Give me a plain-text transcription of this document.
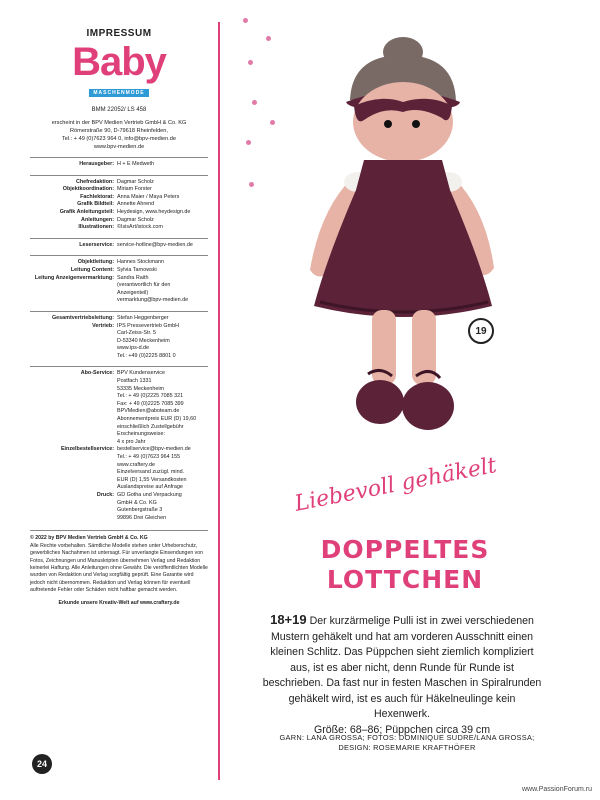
IMPRESSUM
Baby
MASCHENMODE
BMM 22052/ LS 458
erscheint in der BPV Medien Vertrieb GmbH & Co. KG
Römerstraße 90, D-79618 Rheinfelden,
Tel.: + 49 (0)7623 964 0, info@bpv-medien.de
www.bpv-medien.de
Herausgeber: H + E Medweth
Chefredaktion: Dagmar Scholz
Objektkoordination: Miriam Forster
Fachlektorat: Anna Maier / Maya Peters
Grafik Bildteil: Annette Ahrend
Grafik Anleitungsteil: Heydesign, www.heydesign.de
Anleitungen: Dagmar Scholz
Illustrationen: ©IsisArt/istock.com
Leserservice: service-hotline@bpv-medien.de
Objektleitung: Hannes Stockmann
Leitung Content: Sylvia Tarnowski
Leitung Anzeigenvermarktung: Sandra Raith
(verantwortlich für den
Anzeigenteil)
vermarktung@bpv-medien.de
Gesamtvertriebsleitung: Stefan Heggenberger
Vertrieb: IPS Pressevertrieb GmbH
Carl-Zeiss-Str. 5
D-53340 Meckenheim
www.ips-d.de
Tel.: +49 (0)2225 8801 0
Abo-Service: BPV Kundenservice
Postfach 1331
53335 Meckenheim
Tel.: + 49 (0)2225 7085 321
Fax: + 49 (0)2225 7085 399
BPVMedien@aboteam.de
Abonnementpreis EUR (D) 19,60
einschließlich Zustellgebühr
Erscheinungsweise:
4 x pro Jahr
Einzelbestellservice: bestellservice@bpv-medien.de
Tel.: + 49 (0)7623 964 155
www.craftery.de
Einzelversand zuzügl. mind.
EUR (D) 1,55 Versandkosten
Auslandspreise auf Anfrage
Druck: GD Gotha und Verpackung
GmbH & Co. KG
Gutenbergstraße 3
99896 Drei Gleichen
© 2022 by BPV Medien Vertrieb GmbH & Co. KG
Alle Rechte vorbehalten. Sämtliche Modelle stehen unter Urheberschutz, gewerbliches Nachahmen ist untersagt. Für unverlangte Einsendungen von Fotos, Zeichnungen und Manuskripten übernehmen Verlag und Redaktion keinerlei Haftung. Alle Anleitungen ohne Gewähr. Die veröffentlichten Modelle wurden von Redaktion und Verlag sorgfältig geprüft. Eine Garantie wird jedoch nicht übernommen. Redaktion und Verlag können für eventuell auftretende Fehler oder Schäden nicht haftbar gemacht werden.
Erkunde unsere Kreativ-Welt auf www.craftery.de
24
19
Liebevoll gehäkelt
DOPPELTES
LOTTCHEN
18+19 Der kurzärmelige Pulli ist in zwei verschiedenen Mustern gehäkelt und hat am vorderen Ausschnitt einen kleinen Schlitz. Das Püppchen sieht ziemlich kompliziert aus, ist es aber nicht, denn Runde für Runde ist beschrieben. Da fast nur in festen Maschen in Spiralrunden gehäkelt wird, ist es auch für Häkelneulinge kein Hexenwerk.
Größe: 68–86; Püppchen circa 39 cm
GARN: LANA GROSSA; FOTOS: DOMINIQUE SUDRE/LANA GROSSA;
DESIGN: ROSEMARIE KRAFTHÖFER
www.PassionForum.ru
